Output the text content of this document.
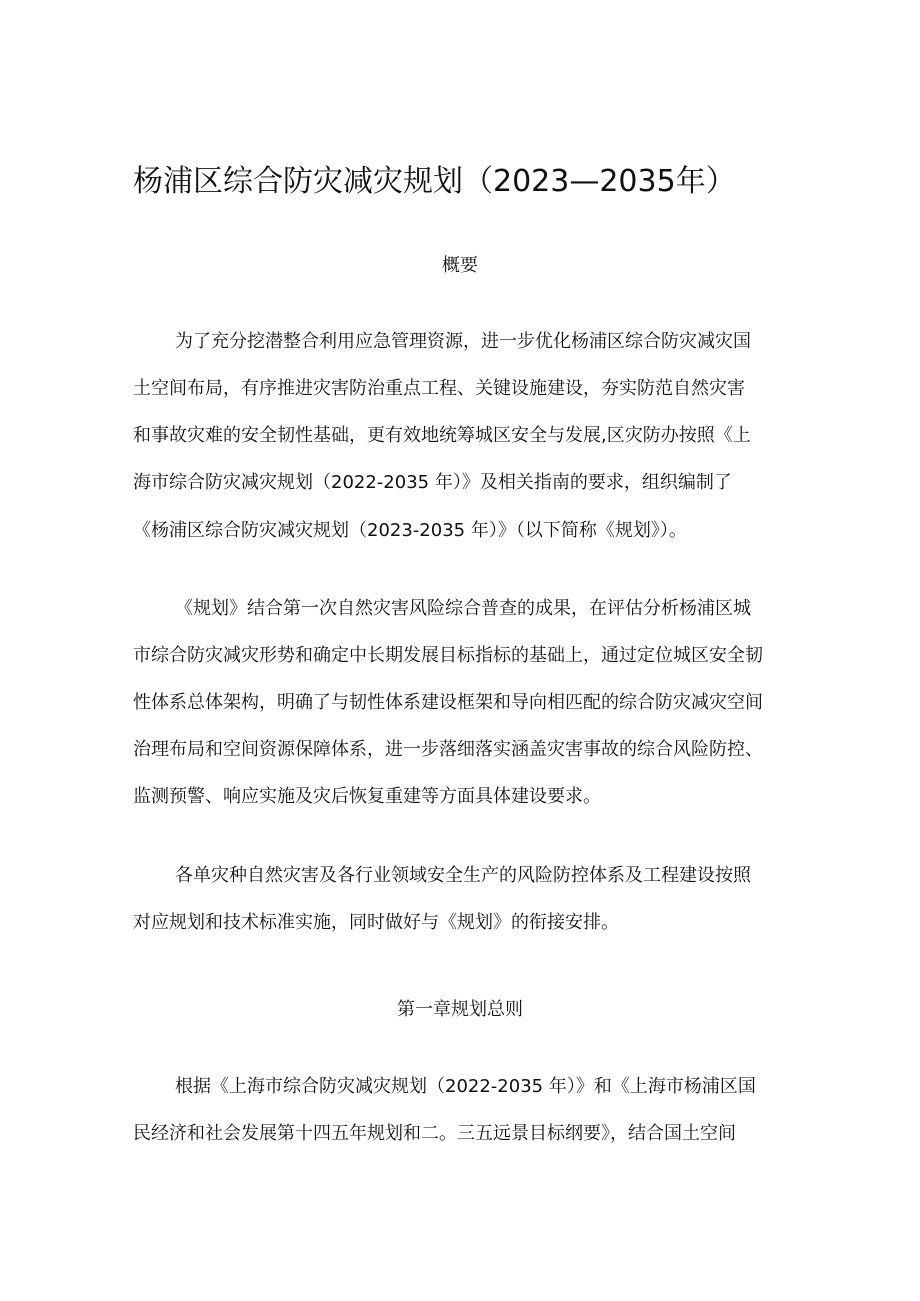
杨浦区综合防灾减灾规划（2023—2035年）
概要
为了充分挖潜整合利用应急管理资源，进一步优化杨浦区综合防灾减灾国
土空间布局，有序推进灾害防治重点工程、关键设施建设，夯实防范自然灾害
和事故灾难的安全韧性基础，更有效地统筹城区安全与发展,区灾防办按照《上
海市综合防灾减灾规划（2022-2035 年）》及相关指南的要求，组织编制了
《杨浦区综合防灾减灾规划（2023-2035 年）》（以下简称《规划》）。
《规划》结合第一次自然灾害风险综合普查的成果，在评估分析杨浦区城
市综合防灾减灾形势和确定中长期发展目标指标的基础上，通过定位城区安全韧
性体系总体架构，明确了与韧性体系建设框架和导向相匹配的综合防灾减灾空间
治理布局和空间资源保障体系，进一步落细落实涵盖灾害事故的综合风险防控、
监测预警、响应实施及灾后恢复重建等方面具体建设要求。
各单灾种自然灾害及各行业领域安全生产的风险防控体系及工程建设按照
对应规划和技术标准实施，同时做好与《规划》的衔接安排。
第一章规划总则
根据《上海市综合防灾减灾规划（2022-2035 年）》和《上海市杨浦区国
民经济和社会发展第十四五年规划和二。三五远景目标纲要》，结合国土空间
